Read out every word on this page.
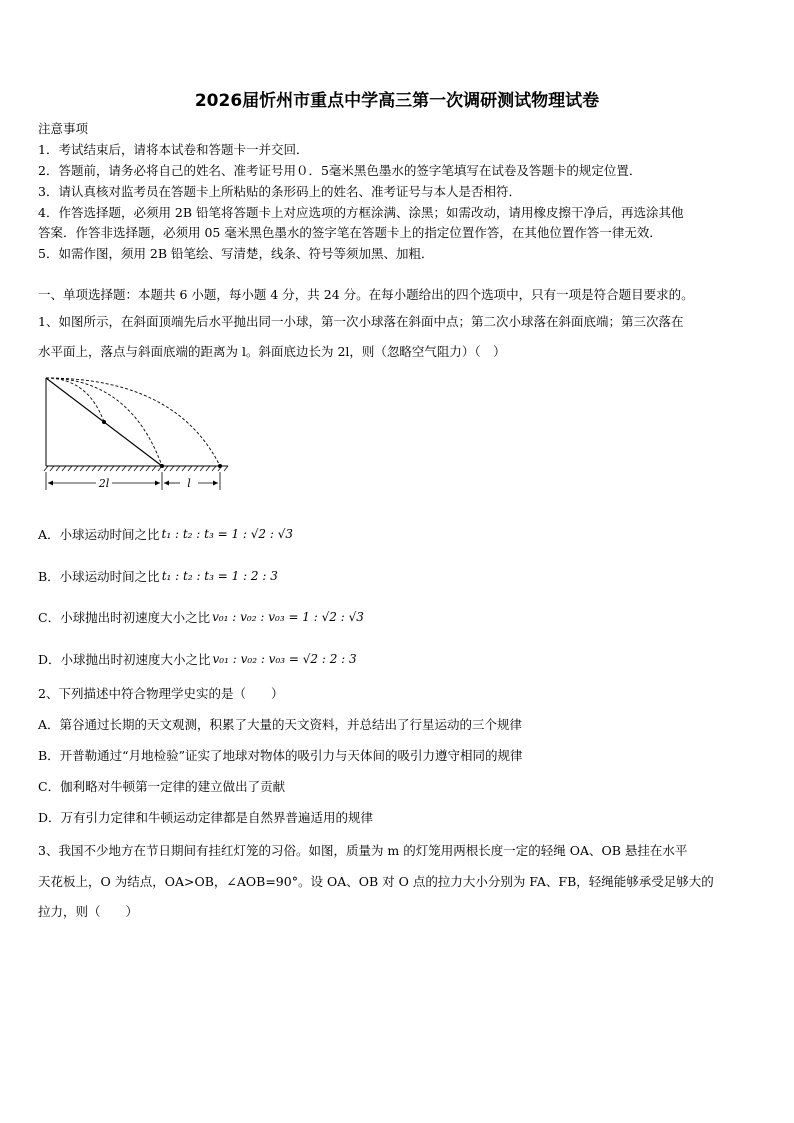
2026届忻州市重点中学高三第一次调研测试物理试卷
注意事项
1．考试结束后，请将本试卷和答题卡一并交回．
2．答题前，请务必将自己的姓名、准考证号用０．5毫米黑色墨水的签字笔填写在试卷及答题卡的规定位置．
3．请认真核对监考员在答题卡上所粘贴的条形码上的姓名、准考证号与本人是否相符．
4．作答选择题，必须用 2B 铅笔将答题卡上对应选项的方框涂满、涂黑；如需改动，请用橡皮擦干净后，再选涂其他
答案．作答非选择题，必须用 05 毫米黑色墨水的签字笔在答题卡上的指定位置作答，在其他位置作答一律无效．
5．如需作图，须用 2B 铅笔绘、写清楚，线条、符号等须加黑、加粗．
一、单项选择题：本题共 6 小题，每小题 4 分，共 24 分。在每小题给出的四个选项中，只有一项是符合题目要求的。
1、如图所示，在斜面顶端先后水平抛出同一小球，第一次小球落在斜面中点；第二次小球落在斜面底端；第三次落在
水平面上，落点与斜面底端的距离为 l。斜面底边长为 2l，则（忽略空气阻力）（　）
2l	l
A．小球运动时间之比 t₁ : t₂ : t₃ = 1 : √2 : √3
B．小球运动时间之比 t₁ : t₂ : t₃ = 1 : 2 : 3
C．小球抛出时初速度大小之比 v₀₁ : v₀₂ : v₀₃ = 1 : √2 : √3
D．小球抛出时初速度大小之比 v₀₁ : v₀₂ : v₀₃ = √2 : 2 : 3
2、下列描述中符合物理学史实的是（　　）
A．第谷通过长期的天文观测，积累了大量的天文资料，并总结出了行星运动的三个规律
B．开普勒通过“月地检验”证实了地球对物体的吸引力与天体间的吸引力遵守相同的规律
C．伽利略对牛顿第一定律的建立做出了贡献
D．万有引力定律和牛顿运动定律都是自然界普遍适用的规律
3、我国不少地方在节日期间有挂红灯笼的习俗。如图，质量为 m 的灯笼用两根长度一定的轻绳 OA、OB 悬挂在水平
天花板上，O 为结点，OA>OB，∠AOB=90°。设 OA、OB 对 O 点的拉力大小分别为 FA、FB，轻绳能够承受足够大的
拉力，则（　　）
